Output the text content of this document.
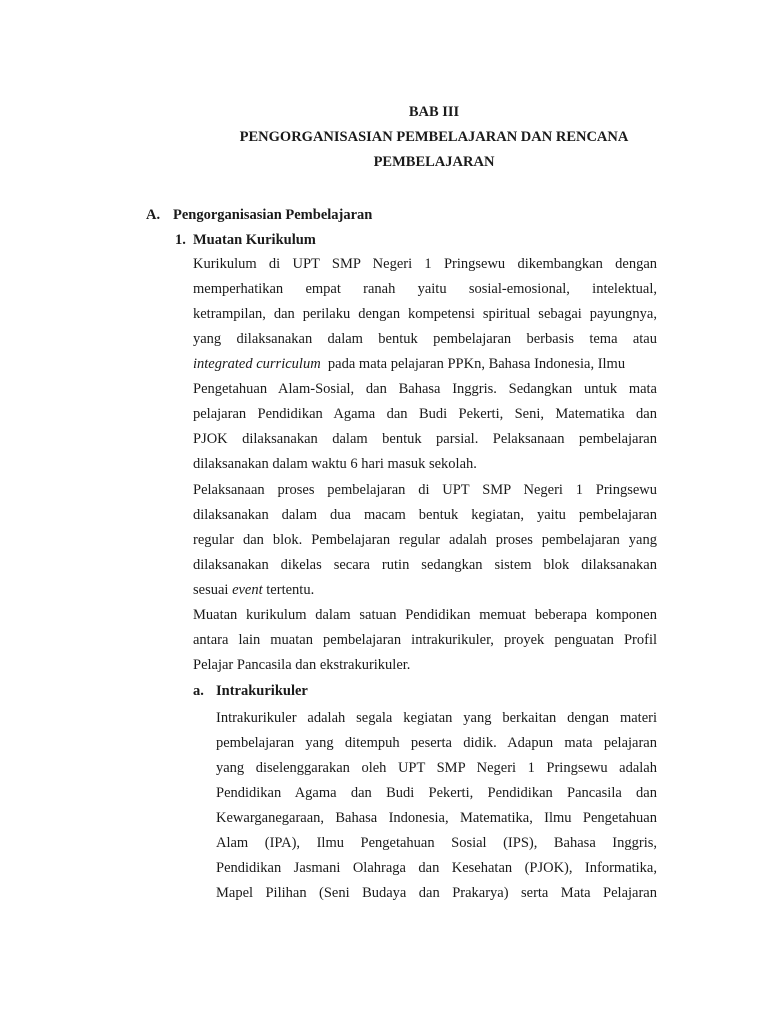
BAB III
PENGORGANISASIAN PEMBELAJARAN DAN RENCANA
PEMBELAJARAN
A. Pengorganisasian Pembelajaran
1. Muatan Kurikulum
Kurikulum di UPT SMP Negeri 1 Pringsewu dikembangkan dengan
memperhatikan empat ranah yaitu sosial-emosional, intelektual,
ketrampilan, dan perilaku dengan kompetensi spiritual sebagai payungnya,
yang dilaksanakan dalam bentuk pembelajaran berbasis tema atau
integrated curriculum pada mata pelajaran PPKn, Bahasa Indonesia, Ilmu
Pengetahuan Alam-Sosial, dan Bahasa Inggris. Sedangkan untuk mata
pelajaran Pendidikan Agama dan Budi Pekerti, Seni, Matematika dan
PJOK dilaksanakan dalam bentuk parsial. Pelaksanaan pembelajaran
dilaksanakan dalam waktu 6 hari masuk sekolah.
Pelaksanaan proses pembelajaran di UPT SMP Negeri 1 Pringsewu
dilaksanakan dalam dua macam bentuk kegiatan, yaitu pembelajaran
regular dan blok. Pembelajaran regular adalah proses pembelajaran yang
dilaksanakan dikelas secara rutin sedangkan sistem blok dilaksanakan
sesuai event tertentu.
Muatan kurikulum dalam satuan Pendidikan memuat beberapa komponen
antara lain muatan pembelajaran intrakurikuler, proyek penguatan Profil
Pelajar Pancasila dan ekstrakurikuler.
a. Intrakurikuler
Intrakurikuler adalah segala kegiatan yang berkaitan dengan materi
pembelajaran yang ditempuh peserta didik. Adapun mata pelajaran
yang diselenggarakan oleh UPT SMP Negeri 1 Pringsewu adalah
Pendidikan Agama dan Budi Pekerti, Pendidikan Pancasila dan
Kewarganegaraan, Bahasa Indonesia, Matematika, Ilmu Pengetahuan
Alam (IPA), Ilmu Pengetahuan Sosial (IPS), Bahasa Inggris,
Pendidikan Jasmani Olahraga dan Kesehatan (PJOK), Informatika,
Mapel Pilihan (Seni Budaya dan Prakarya) serta Mata Pelajaran
